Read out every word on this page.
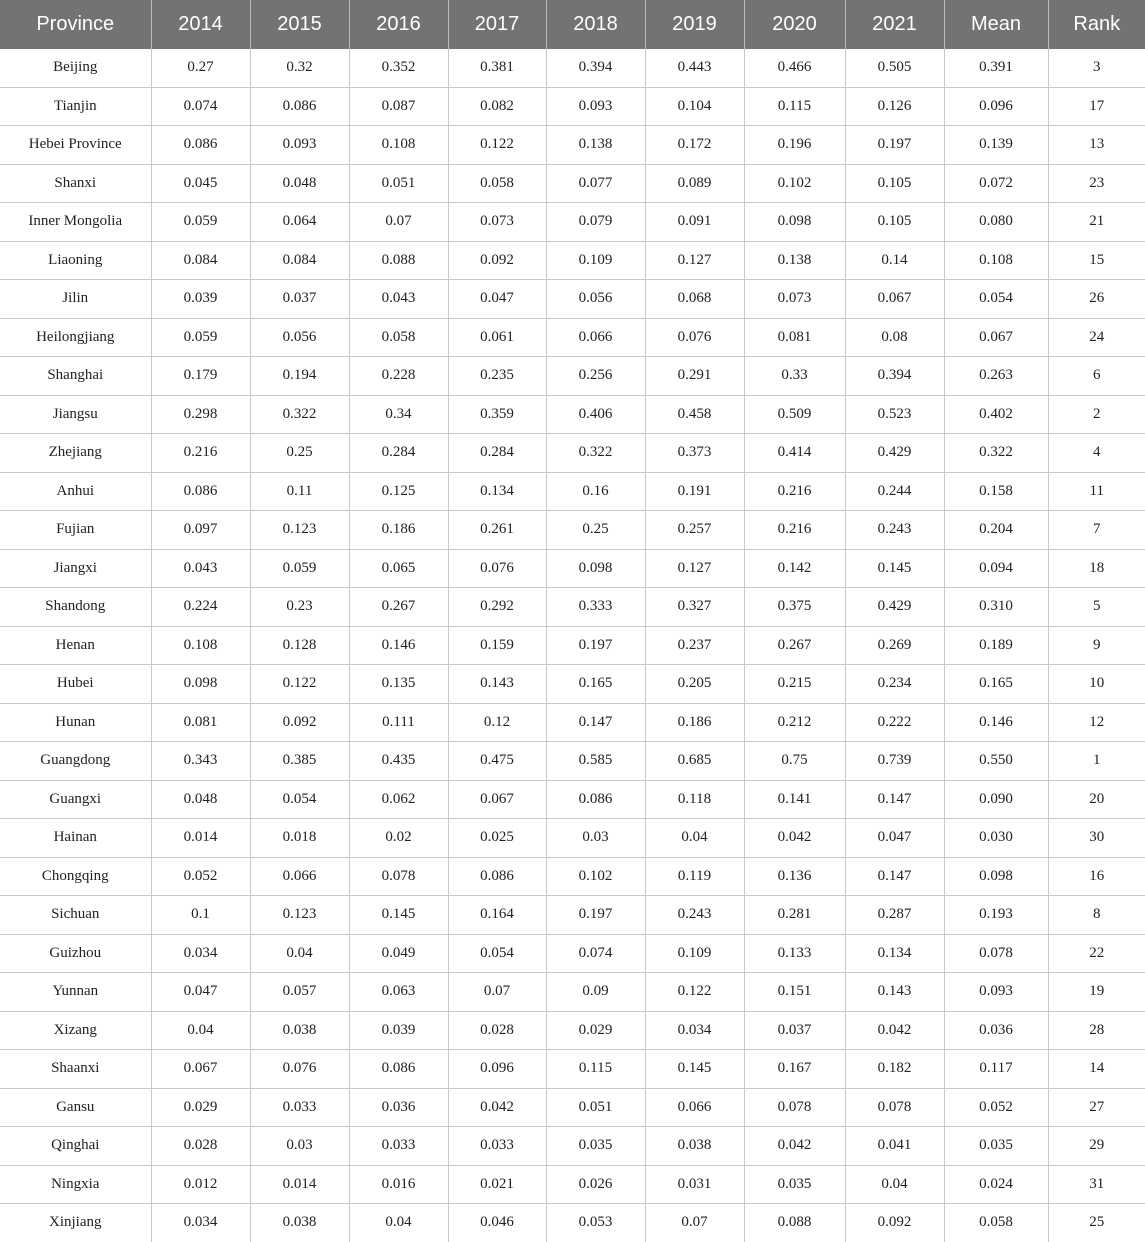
Province	2014	2015	2016	2017	2018	2019	2020	2021	Mean	Rank
Beijing	0.27	0.32	0.352	0.381	0.394	0.443	0.466	0.505	0.391	3
Tianjin	0.074	0.086	0.087	0.082	0.093	0.104	0.115	0.126	0.096	17
Hebei Province	0.086	0.093	0.108	0.122	0.138	0.172	0.196	0.197	0.139	13
Shanxi	0.045	0.048	0.051	0.058	0.077	0.089	0.102	0.105	0.072	23
Inner Mongolia	0.059	0.064	0.07	0.073	0.079	0.091	0.098	0.105	0.080	21
Liaoning	0.084	0.084	0.088	0.092	0.109	0.127	0.138	0.14	0.108	15
Jilin	0.039	0.037	0.043	0.047	0.056	0.068	0.073	0.067	0.054	26
Heilongjiang	0.059	0.056	0.058	0.061	0.066	0.076	0.081	0.08	0.067	24
Shanghai	0.179	0.194	0.228	0.235	0.256	0.291	0.33	0.394	0.263	6
Jiangsu	0.298	0.322	0.34	0.359	0.406	0.458	0.509	0.523	0.402	2
Zhejiang	0.216	0.25	0.284	0.284	0.322	0.373	0.414	0.429	0.322	4
Anhui	0.086	0.11	0.125	0.134	0.16	0.191	0.216	0.244	0.158	11
Fujian	0.097	0.123	0.186	0.261	0.25	0.257	0.216	0.243	0.204	7
Jiangxi	0.043	0.059	0.065	0.076	0.098	0.127	0.142	0.145	0.094	18
Shandong	0.224	0.23	0.267	0.292	0.333	0.327	0.375	0.429	0.310	5
Henan	0.108	0.128	0.146	0.159	0.197	0.237	0.267	0.269	0.189	9
Hubei	0.098	0.122	0.135	0.143	0.165	0.205	0.215	0.234	0.165	10
Hunan	0.081	0.092	0.111	0.12	0.147	0.186	0.212	0.222	0.146	12
Guangdong	0.343	0.385	0.435	0.475	0.585	0.685	0.75	0.739	0.550	1
Guangxi	0.048	0.054	0.062	0.067	0.086	0.118	0.141	0.147	0.090	20
Hainan	0.014	0.018	0.02	0.025	0.03	0.04	0.042	0.047	0.030	30
Chongqing	0.052	0.066	0.078	0.086	0.102	0.119	0.136	0.147	0.098	16
Sichuan	0.1	0.123	0.145	0.164	0.197	0.243	0.281	0.287	0.193	8
Guizhou	0.034	0.04	0.049	0.054	0.074	0.109	0.133	0.134	0.078	22
Yunnan	0.047	0.057	0.063	0.07	0.09	0.122	0.151	0.143	0.093	19
Xizang	0.04	0.038	0.039	0.028	0.029	0.034	0.037	0.042	0.036	28
Shaanxi	0.067	0.076	0.086	0.096	0.115	0.145	0.167	0.182	0.117	14
Gansu	0.029	0.033	0.036	0.042	0.051	0.066	0.078	0.078	0.052	27
Qinghai	0.028	0.03	0.033	0.033	0.035	0.038	0.042	0.041	0.035	29
Ningxia	0.012	0.014	0.016	0.021	0.026	0.031	0.035	0.04	0.024	31
Xinjiang	0.034	0.038	0.04	0.046	0.053	0.07	0.088	0.092	0.058	25
